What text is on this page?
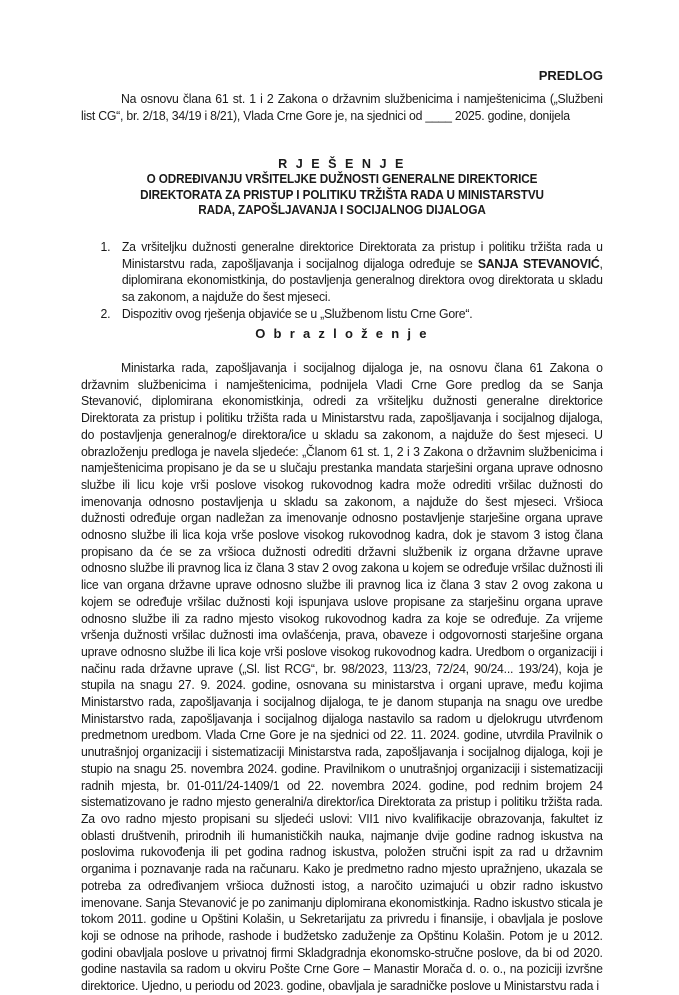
PREDLOG

Na osnovu člana 61 st. 1 i 2 Zakona o državnim službenicima i namještenicima („Službeni list CG“, br. 2/18, 34/19 i 8/21), Vlada Crne Gore je, na sjednici od ____ 2025. godine, donijela

R J E Š E N J E
O ODREĐIVANJU VRŠITELJKE DUŽNOSTI GENERALNE DIREKTORICE
DIREKTORATA ZA PRISTUP I POLITIKU TRŽIŠTA RADA U MINISTARSTVU
RADA, ZAPOŠLJAVANJA I SOCIJALNOG DIJALOGA
1. Za vršiteljku dužnosti generalne direktorice Direktorata za pristup i politiku tržišta rada u Ministarstvu rada, zapošljavanja i socijalnog dijaloga određuje se SANJA STEVANOVIĆ, diplomirana ekonomistkinja, do postavljenja generalnog direktora ovog direktorata u skladu sa zakonom, a najduže do šest mjeseci.
2. Dispozitiv ovog rješenja objaviće se u „Službenom listu Crne Gore“.
O b r a z l o ž e n j e

Ministarka rada, zapošljavanja i socijalnog dijaloga je, na osnovu člana 61 Zakona o državnim službenicima i namještenicima, podnijela Vladi Crne Gore predlog da se Sanja Stevanović, diplomirana ekonomistkinja, odredi za vršiteljku dužnosti generalne direktorice Direktorata za pristup i politiku tržišta rada u Ministarstvu rada, zapošljavanja i socijalnog dijaloga, do postavljenja generalnog/e direktora/ice u skladu sa zakonom, a najduže do šest mjeseci. U obrazloženju predloga je navela sljedeće: „Članom 61 st. 1, 2 i 3 Zakona o državnim službenicima i namještenicima propisano je da se u slučaju prestanka mandata starješini organa uprave odnosno službe ili licu koje vrši poslove visokog rukovodnog kadra može odrediti vršilac dužnosti do imenovanja odnosno postavljenja u skladu sa zakonom, a najduže do šest mjeseci. Vršioca dužnosti određuje organ nadležan za imenovanje odnosno postavljenje starješine organa uprave odnosno službe ili lica koja vrše poslove visokog rukovodnog kadra, dok je stavom 3 istog člana propisano da će se za vršioca dužnosti odrediti državni službenik iz organa državne uprave odnosno službe ili pravnog lica iz člana 3 stav 2 ovog zakona u kojem se određuje vršilac dužnosti ili lice van organa državne uprave odnosno službe ili pravnog lica iz člana 3 stav 2 ovog zakona u kojem se određuje vršilac dužnosti koji ispunjava uslove propisane za starješinu organa uprave odnosno službe ili za radno mjesto visokog rukovodnog kadra za koje se određuje. Za vrijeme vršenja dužnosti vršilac dužnosti ima ovlašćenja, prava, obaveze i odgovornosti starješine organa uprave odnosno službe ili lica koje vrši poslove visokog rukovodnog kadra. Uredbom o organizaciji i načinu rada državne uprave („Sl. list RCG“, br. 98/2023, 113/23, 72/24, 90/24... 193/24), koja je stupila na snagu 27. 9. 2024. godine, osnovana su ministarstva i organi uprave, među kojima Ministarstvo rada, zapošljavanja i socijalnog dijaloga, te je danom stupanja na snagu ove uredbe Ministarstvo rada, zapošljavanja i socijalnog dijaloga nastavilo sa radom u djelokrugu utvrđenom predmetnom uredbom. Vlada Crne Gore je na sjednici od 22. 11. 2024. godine, utvrdila Pravilnik o unutrašnjoj organizaciji i sistematizaciji Ministarstva rada, zapošljavanja i socijalnog dijaloga, koji je stupio na snagu 25. novembra 2024. godine. Pravilnikom o unutrašnjoj organizaciji i sistematizaciji radnih mjesta, br. 01-011/24-1409/1 od 22. novembra 2024. godine, pod rednim brojem 24 sistematizovano je radno mjesto generalni/a direktor/ica Direktorata za pristup i politiku tržišta rada. Za ovo radno mjesto propisani su sljedeći uslovi: VII1 nivo kvalifikacije obrazovanja, fakultet iz oblasti društvenih, prirodnih ili humanističkih nauka, najmanje dvije godine radnog iskustva na poslovima rukovođenja ili pet godina radnog iskustva, položen stručni ispit za rad u državnim organima i poznavanje rada na računaru. Kako je predmetno radno mjesto upražnjeno, ukazala se potreba za određivanjem vršioca dužnosti istog, a naročito uzimajući u obzir radno iskustvo imenovane. Sanja Stevanović je po zanimanju diplomirana ekonomistkinja. Radno iskustvo sticala je tokom 2011. godine u Opštini Kolašin, u Sekretarijatu za privredu i finansije, i obavljala je poslove koji se odnose na prihode, rashode i budžetsko zaduženje za Opštinu Kolašin. Potom je u 2012. godini obavljala poslove u privatnoj firmi Skladgradnja ekonomsko-stručne poslove, da bi od 2020. godine nastavila sa radom u okviru Pošte Crne Gore – Manastir Morača d. o. o., na poziciji izvršne direktorice. Ujedno, u periodu od 2023. godine, obavljala je saradničke poslove u Ministarstvu rada i
